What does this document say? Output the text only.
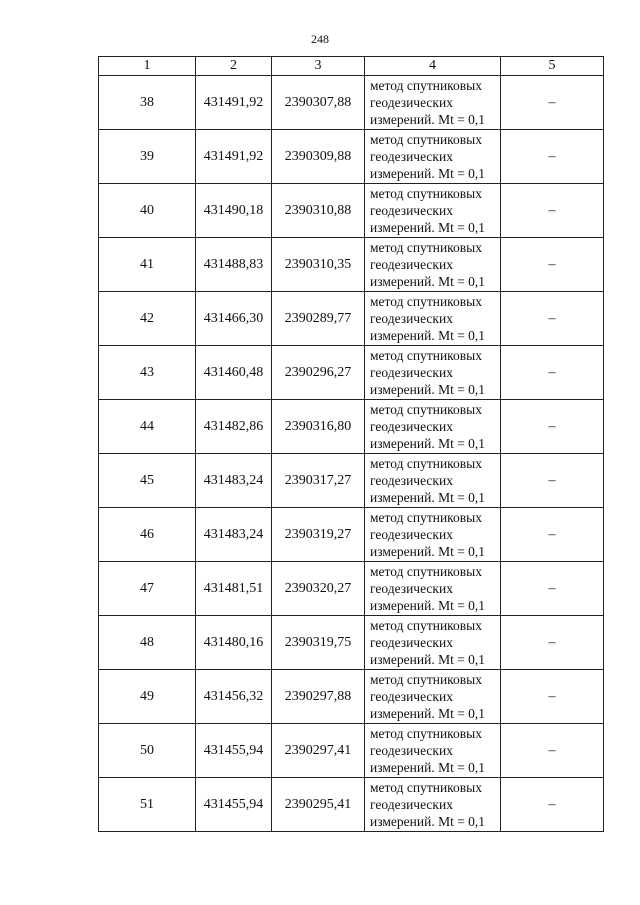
248
1	2	3	4	5
38	431491,92	2390307,88	метод спутниковых
геодезических
измерений. Mt = 0,1	–
39	431491,92	2390309,88	метод спутниковых
геодезических
измерений. Mt = 0,1	–
40	431490,18	2390310,88	метод спутниковых
геодезических
измерений. Mt = 0,1	–
41	431488,83	2390310,35	метод спутниковых
геодезических
измерений. Mt = 0,1	–
42	431466,30	2390289,77	метод спутниковых
геодезических
измерений. Mt = 0,1	–
43	431460,48	2390296,27	метод спутниковых
геодезических
измерений. Mt = 0,1	–
44	431482,86	2390316,80	метод спутниковых
геодезических
измерений. Mt = 0,1	–
45	431483,24	2390317,27	метод спутниковых
геодезических
измерений. Mt = 0,1	–
46	431483,24	2390319,27	метод спутниковых
геодезических
измерений. Mt = 0,1	–
47	431481,51	2390320,27	метод спутниковых
геодезических
измерений. Mt = 0,1	–
48	431480,16	2390319,75	метод спутниковых
геодезических
измерений. Mt = 0,1	–
49	431456,32	2390297,88	метод спутниковых
геодезических
измерений. Mt = 0,1	–
50	431455,94	2390297,41	метод спутниковых
геодезических
измерений. Mt = 0,1	–
51	431455,94	2390295,41	метод спутниковых
геодезических
измерений. Mt = 0,1	–
